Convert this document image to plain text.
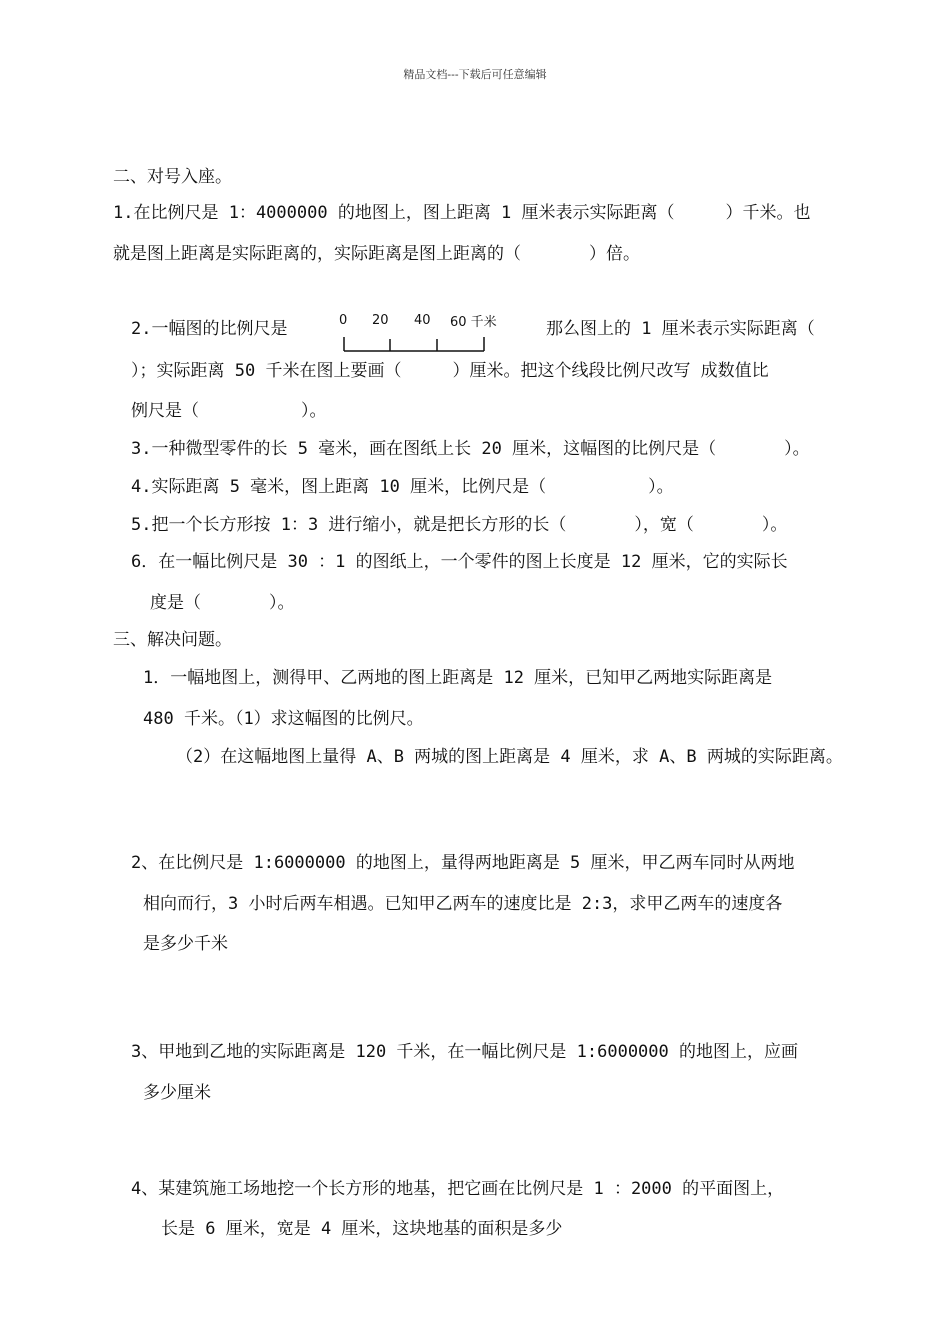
精品文档---下载后可任意编辑
二、对号入座。
1.在比例尺是 1：4000000 的地图上，图上距离 1 厘米表示实际距离（　　　）千米。也
就是图上距离是实际距离的，实际距离是图上距离的（　　　　）倍。
2.一幅图的比例尺是	0 20 40 60 千米	那么图上的 1 厘米表示实际距离（
）；实际距离 50 千米在图上要画（　　　）厘米。把这个线段比例尺改写 成数值比
例尺是（　　　　　　）。
3.一种微型零件的长 5 毫米，画在图纸上长 20 厘米，这幅图的比例尺是（　　　　）。
4.实际距离 5 毫米，图上距离 10 厘米，比例尺是（　　　　　　）。
5.把一个长方形按 1：3 进行缩小，就是把长方形的长（　　　　），宽（　　　　）。
6．在一幅比例尺是 30 ：1 的图纸上，一个零件的图上长度是 12 厘米，它的实际长
度是（　　　　）。
三、解决问题。
1．一幅地图上，测得甲、乙两地的图上距离是 12 厘米，已知甲乙两地实际距离是
480 千米。（1）求这幅图的比例尺。
（2）在这幅地图上量得 A、B 两城的图上距离是 4 厘米，求 A、B 两城的实际距离。
2、在比例尺是 1:6000000 的地图上，量得两地距离是 5 厘米，甲乙两车同时从两地
相向而行，3 小时后两车相遇。已知甲乙两车的速度比是 2:3，求甲乙两车的速度各
是多少千米
3、甲地到乙地的实际距离是 120 千米，在一幅比例尺是 1:6000000 的地图上，应画
多少厘米
4、某建筑施工场地挖一个长方形的地基，把它画在比例尺是 1 ：2000 的平面图上，
长是 6 厘米，宽是 4 厘米，这块地基的面积是多少
